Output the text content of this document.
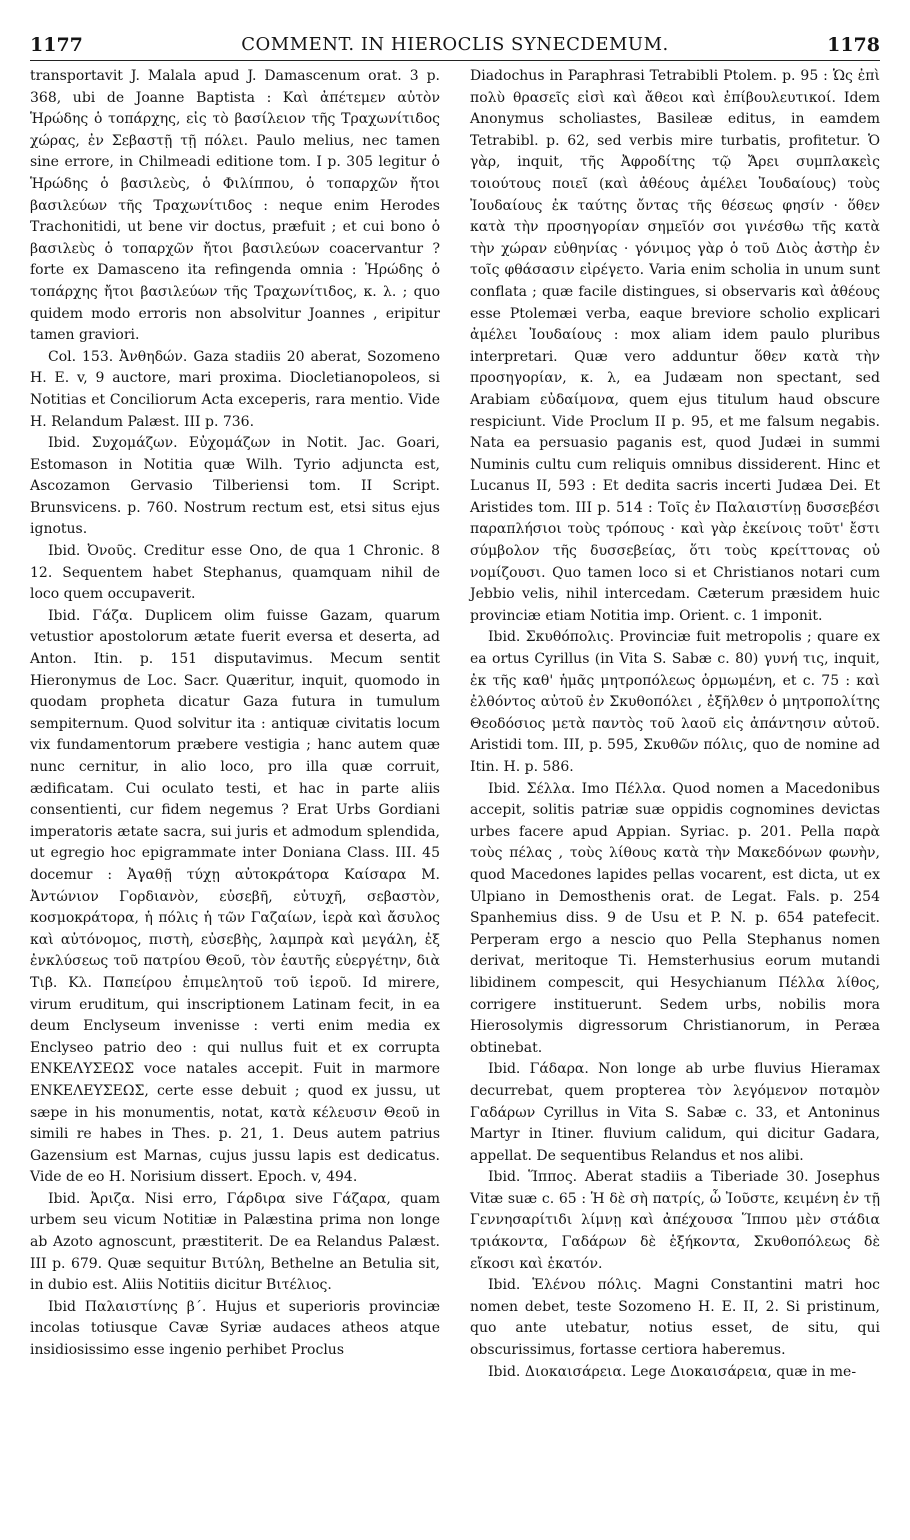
1177	COMMENT. IN HIEROCLIS SYNECDEMUM.	1178

transportavit J. Malala apud J. Damascenum orat. 3 p. 368, ubi de Joanne Baptista : Καὶ ἀπέτεμεν αὐτὸν Ἡρώδης ὁ τοπάρχης, εἰς τὸ βασίλειον τῆς Τραχωνίτιδος χώρας, ἐν Σεβαστῇ τῇ πόλει. Paulo melius, nec tamen sine errore, in Chilmeadi editione tom. I p. 305 legitur ὁ Ἡρώδης ὁ βασιλεὺς, ὁ Φιλίππου, ὁ τοπαρχῶν ἤτοι βασιλεύων τῆς Τραχωνίτιδος : neque enim Herodes Trachonitidi, ut bene vir doctus, præfuit ; et cui bono ὁ βασιλεὺς ὁ τοπαρχῶν ἤτοι βασιλεύων coacervantur ? forte ex Damasceno ita refingenda omnia : Ἡρώδης ὁ τοπάρχης ἤτοι βασιλεύων τῆς Τραχωνίτιδος, κ. λ. ; quo quidem modo erroris non absolvitur Joannes , eripitur tamen graviori.

Col. 153. Ἀνθηδών. Gaza stadiis 20 aberat, Sozomeno H. E. v, 9 auctore, mari proxima. Diocletianopoleos, si Notitias et Conciliorum Acta exceperis, rara mentio. Vide H. Relandum Palæst. III p. 736.

Ibid. Συχομάζων. Εὐχομάζων in Notit. Jac. Goari, Estomason in Notitia quæ Wilh. Tyrio adjuncta est, Ascozamon Gervasio Tilberiensi tom. II Script. Brunsvicens. p. 760. Nostrum rectum est, etsi situs ejus ignotus.

Ibid. Ὀνοῦς. Creditur esse Ono, de qua 1 Chronic. 8 12. Sequentem habet Stephanus, quamquam nihil de loco quem occupaverit.

Ibid. Γάζα. Duplicem olim fuisse Gazam, quarum vetustior apostolorum ætate fuerit eversa et deserta, ad Anton. Itin. p. 151 disputavimus. Mecum sentit Hieronymus de Loc. Sacr. Quæritur, inquit, quomodo in quodam propheta dicatur Gaza futura in tumulum sempiternum. Quod solvitur ita : antiquæ civitatis locum vix fundamentorum præbere vestigia ; hanc autem quæ nunc cernitur, in alio loco, pro illa quæ corruit, ædificatam. Cui oculato testi, et hac in parte aliis consentienti, cur fidem negemus ? Erat Urbs Gordiani imperatoris ætate sacra, sui juris et admodum splendida, ut egregio hoc epigrammate inter Doniana Class. III. 45 docemur : Ἀγαθῇ τύχῃ αὐτοκράτορα Καίσαρα Μ. Ἀντώνιον Γορδιανὸν, εὐσεβῆ, εὐτυχῆ, σεβαστὸν, κοσμοκράτορα, ἡ πόλις ἡ τῶν Γαζαίων, ἱερὰ καὶ ἄσυλος καὶ αὐτόνομος, πιστὴ, εὐσεβὴς, λαμπρὰ καὶ μεγάλη, ἐξ ἐνκλύσεως τοῦ πατρίου Θεοῦ, τὸν ἑαυτῆς εὐεργέτην, διὰ Τιβ. Κλ. Παπείρου ἐπιμελητοῦ τοῦ ἱεροῦ. Id mirere, virum eruditum, qui inscriptionem Latinam fecit, in ea deum Enclyseum invenisse : verti enim media ex Enclyseo patrio deo : qui nullus fuit et ex corrupta ΕΝΚΕΛΥΣΕΩΣ voce natales accepit. Fuit in marmore ΕΝΚΕΛΕΥΣΕΩΣ, certe esse debuit ; quod ex jussu, ut sæpe in his monumentis, notat, κατὰ κέλευσιν Θεοῦ in simili re habes in Thes. p. 21, 1. Deus autem patrius Gazensium est Marnas, cujus jussu lapis est dedicatus. Vide de eo H. Norisium dissert. Epoch. v, 494.

Ibid. Ἀριζα. Nisi erro, Γάρδιρα sive Γάζαρα, quam urbem seu vicum Notitiæ in Palæstina prima non longe ab Azoto agnoscunt, præstiterit. De ea Relandus Palæst. III p. 679. Quæ sequitur Βιτύλη, Bethelne an Betulia sit, in dubio est. Aliis Notitiis dicitur Βιτέλιος.

Ibid Παλαιστίνης β΄. Hujus et superioris provinciæ incolas totiusque Cavæ Syriæ audaces atheos atque insidiosissimo esse ingenio perhibet Proclus

Diadochus in Paraphrasi Tetrabibli Ptolem. p. 95 : Ὡς ἐπὶ πολὺ θρασεῖς εἰσὶ καὶ ἄθεοι καὶ ἐπίβουλευτικοί. Idem Anonymus scholiastes, Basileæ editus, in eamdem Tetrabibl. p. 62, sed verbis mire turbatis, profitetur. Ὁ γὰρ, inquit, τῆς Ἀφροδίτης τῷ Ἄρει συμπλακεὶς τοιούτους ποιεῖ (καὶ ἀθέους ἀμέλει Ἰουδαίους) τοὺς Ἰουδαίους ἐκ ταύτης ὄντας τῆς θέσεως φησίν · ὅθεν κατὰ τὴν προσηγορίαν σημεῖόν σοι γινέσθω τῆς κατὰ τὴν χώραν εὐθηνίας · γόνιμος γὰρ ὁ τοῦ Διὸς ἀστὴρ ἐν τοῖς φθάσασιν εἰρέγετο. Varia enim scholia in unum sunt conflata ; quæ facile distingues, si observaris καὶ ἀθέους esse Ptolemæi verba, eaque breviore scholio explicari ἀμέλει Ἰουδαίους : mox aliam idem paulo pluribus interpretari. Quæ vero adduntur ὅθεν κατὰ τὴν προσηγορίαν, κ. λ, ea Judæam non spectant, sed Arabiam εὐδαίμονα, quem ejus titulum haud obscure respiciunt. Vide Proclum II p. 95, et me falsum negabis. Nata ea persuasio paganis est, quod Judæi in summi Numinis cultu cum reliquis omnibus dissiderent. Hinc et Lucanus II, 593 : Et dedita sacris incerti Judæa Dei. Et Aristides tom. III p. 514 : Τοῖς ἐν Παλαιστίνῃ δυσσεβέσι παραπλήσιοι τοὺς τρόπους · καὶ γὰρ ἐκείνοις τοῦτ' ἔστι σύμβολον τῆς δυσσεβείας, ὅτι τοὺς κρείττονας οὐ νομίζουσι. Quo tamen loco si et Christianos notari cum Jebbio velis, nihil intercedam. Cæterum præsidem huic provinciæ etiam Notitia imp. Orient. c. 1 imponit.

Ibid. Σκυθόπολις. Provinciæ fuit metropolis ; quare ex ea ortus Cyrillus (in Vita S. Sabæ c. 80) γυνή τις, inquit, ἐκ τῆς καθ' ἡμᾶς μητροπόλεως ὁρμωμένη, et c. 75 : καὶ ἐλθόντος αὐτοῦ ἐν Σκυθοπόλει , ἐξῆλθεν ὁ μητροπολίτης Θεοδόσιος μετὰ παντὸς τοῦ λαοῦ εἰς ἀπάντησιν αὐτοῦ. Aristidi tom. III, p. 595, Σκυθῶν πόλις, quo de nomine ad Itin. H. p. 586.

Ibid. Σέλλα. Imo Πέλλα. Quod nomen a Macedonibus accepit, solitis patriæ suæ oppidis cognomines devictas urbes facere apud Appian. Syriac. p. 201. Pella παρὰ τοὺς πέλας , τοὺς λίθους κατὰ τὴν Μακεδόνων φωνὴν, quod Macedones lapides pellas vocarent, est dicta, ut ex Ulpiano in Demosthenis orat. de Legat. Fals. p. 254 Spanhemius diss. 9 de Usu et P. N. p. 654 patefecit. Perperam ergo a nescio quo Pella Stephanus nomen derivat, meritoque Ti. Hemsterhusius eorum mutandi libidinem compescit, qui Hesychianum Πέλλα λίθος, corrigere instituerunt. Sedem urbs, nobilis mora Hierosolymis digressorum Christianorum, in Peræa obtinebat.

Ibid. Γάδαρα. Non longe ab urbe fluvius Hieramax decurrebat, quem propterea τὸν λεγόμενον ποταμὸν Γαδάρων Cyrillus in Vita S. Sabæ c. 33, et Antoninus Martyr in Itiner. fluvium calidum, qui dicitur Gadara, appellat. De sequentibus Relandus et nos alibi.

Ibid. Ἵππος. Aberat stadiis a Tiberiade 30. Josephus Vitæ suæ c. 65 : Ἡ δὲ σὴ πατρίς, ὦ Ἰοῦστε, κειμένη ἐν τῇ Γεννησαρίτιδι λίμνῃ καὶ ἀπέχουσα Ἵππου μὲν στάδια τριάκοντα, Γαδάρων δὲ ἑξήκοντα, Σκυθοπόλεως δὲ εἴκοσι καὶ ἑκατόν.

Ibid. Ἑλένου πόλις. Magni Constantini matri hoc nomen debet, teste Sozomeno H. E. II, 2. Si pristinum, quo ante utebatur, notius esset, de situ, qui obscurissimus, fortasse certiora haberemus.

Ibid. Διοκαισάρεια. Lege Διοκαισάρεια, quæ in me-
